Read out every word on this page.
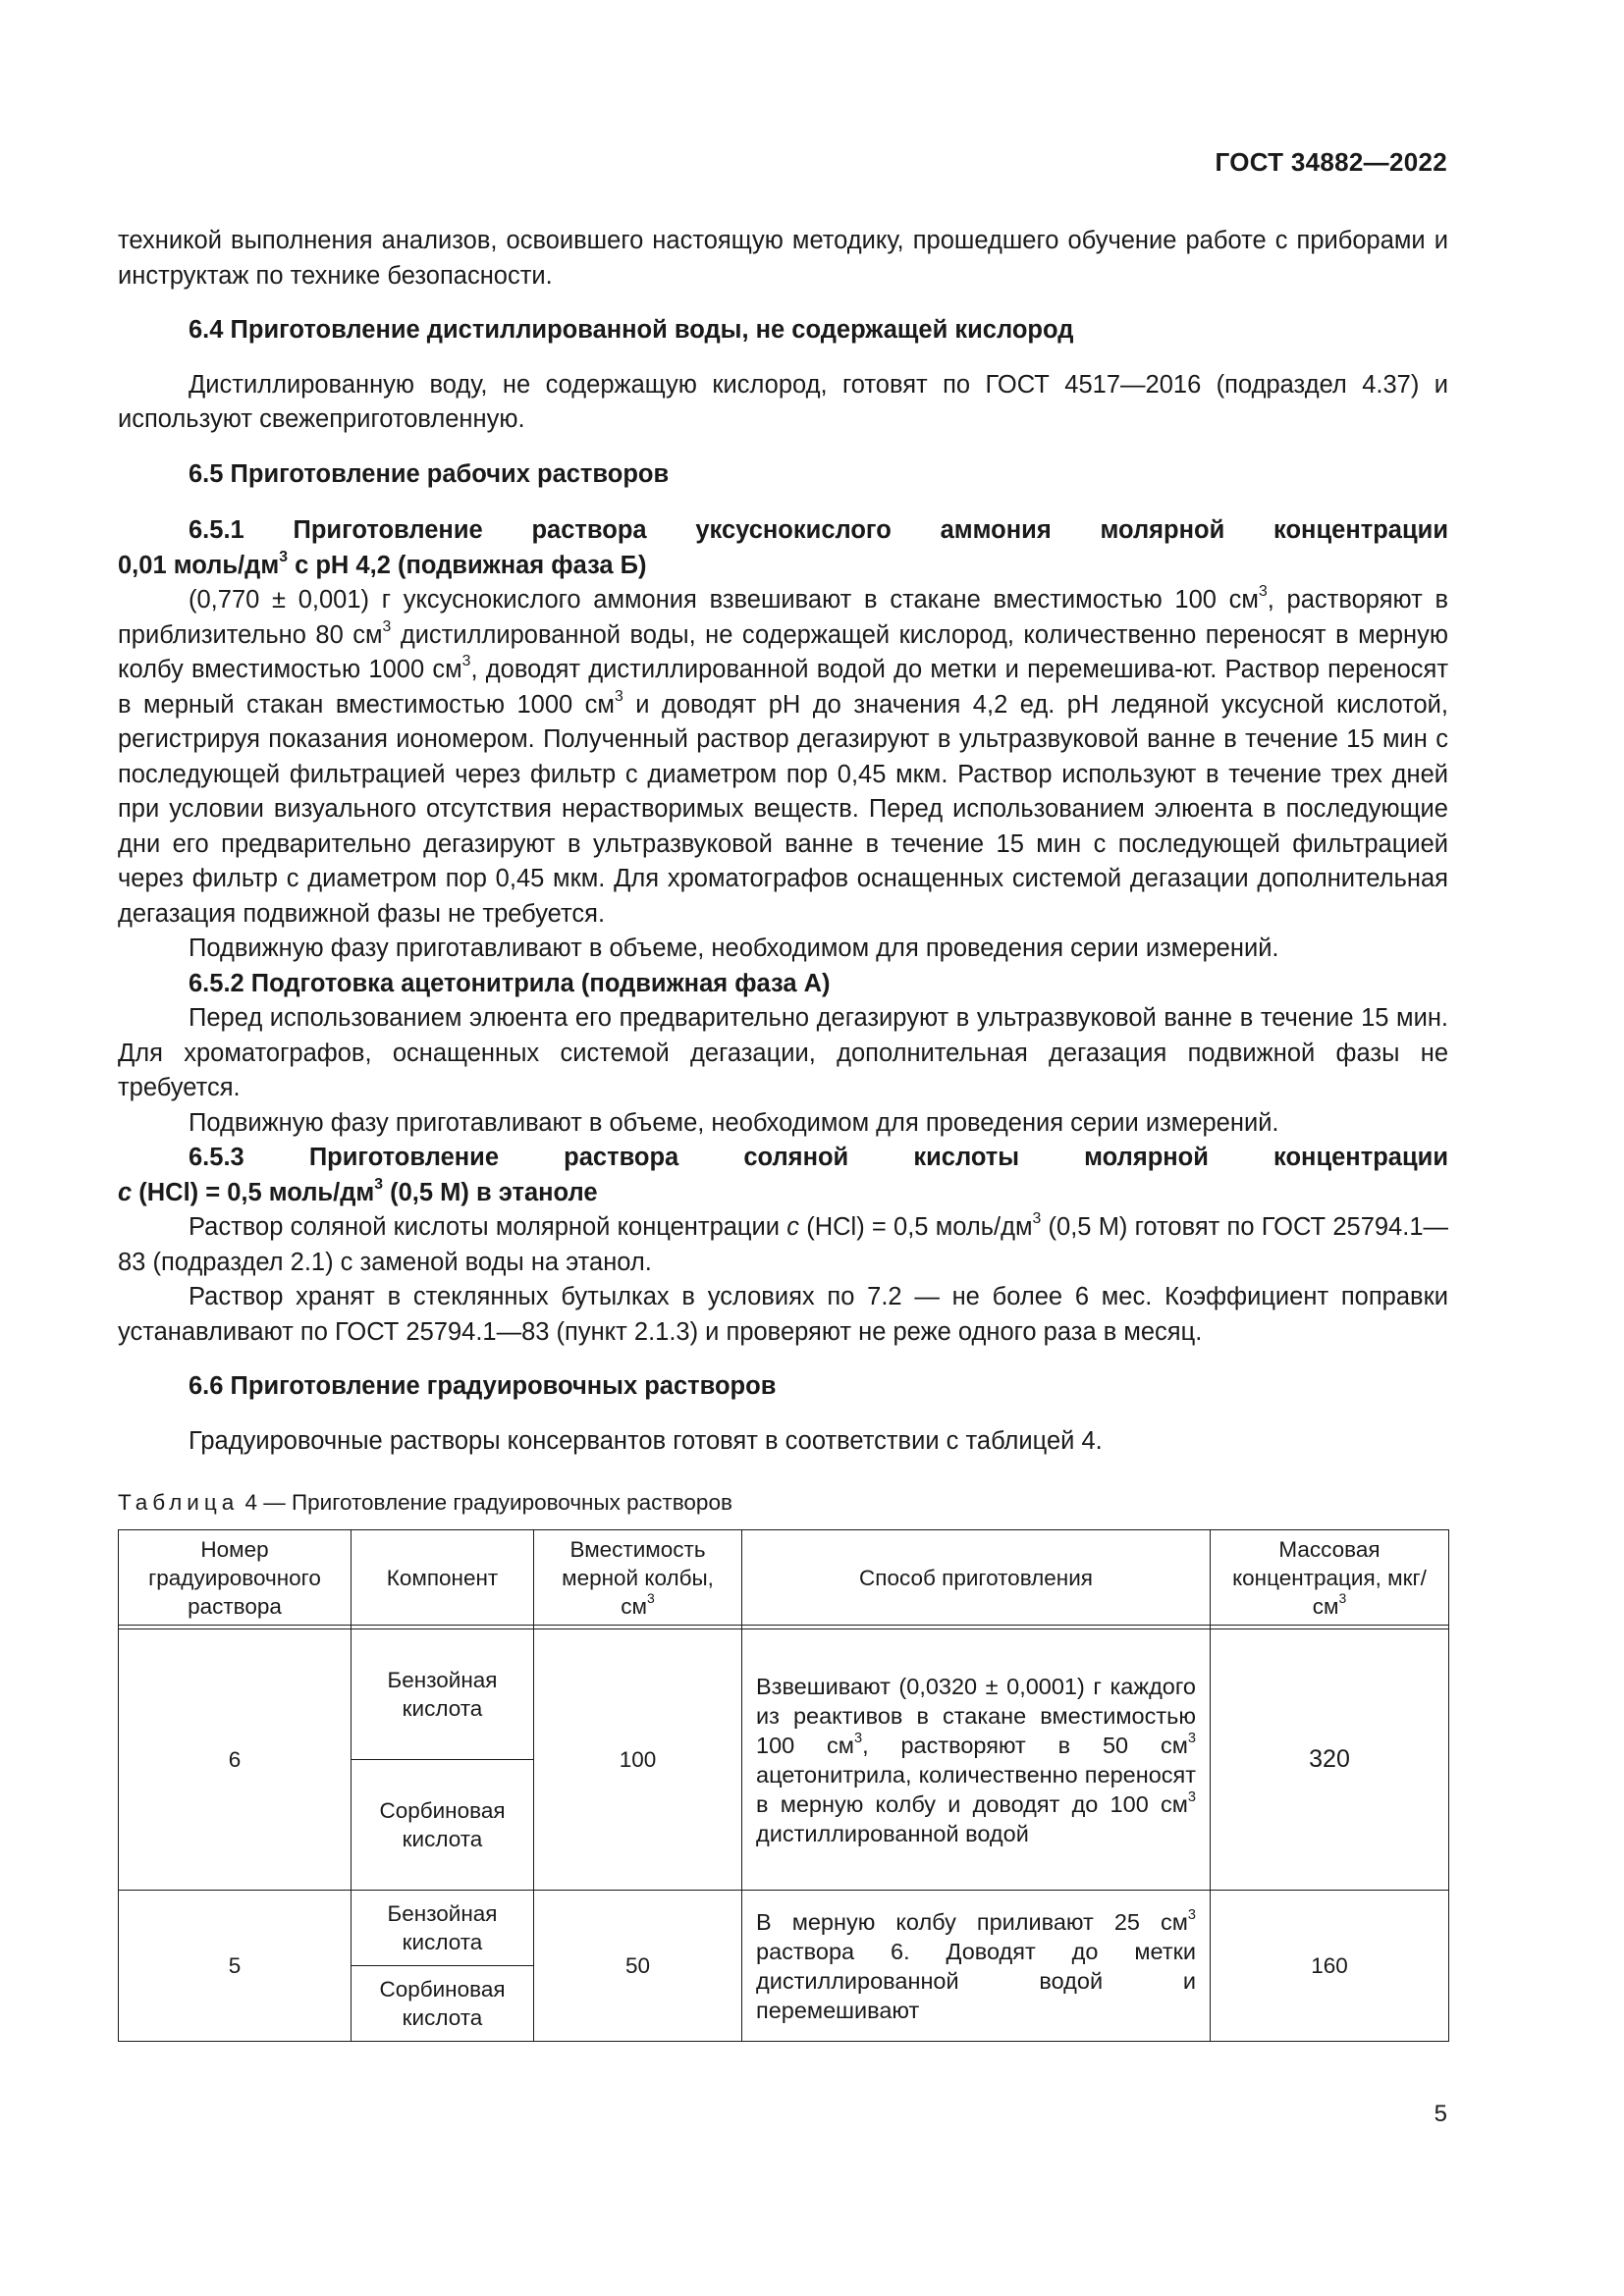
ГОСТ 34882—2022

техникой выполнения анализов, освоившего настоящую методику, прошедшего обучение работе с приборами и инструктаж по технике безопасности.

6.4 Приготовление дистиллированной воды, не содержащей кислород

Дистиллированную воду, не содержащую кислород, готовят по ГОСТ 4517—2016 (подраздел 4.37) и используют свежеприготовленную.

6.5 Приготовление рабочих растворов

6.5.1 Приготовление раствора уксуснокислого аммония молярной концентрации

0,01 моль/$дм^3$ с рН 4,2 (подвижная фаза Б)

(0,770 ± 0,001) г уксуснокислого аммония взвешивают в стакане вместимостью 100 $см^3$, растворяют в приблизительно 80 $см^3$ дистиллированной воды, не содержащей кислород, количественно переносят в мерную колбу вместимостью 1000 $см^3$, доводят дистиллированной водой до метки и перемешива-ют. Раствор переносят в мерный стакан вместимостью 1000 $см^3$ и доводят рН до значения 4,2 ед. рН ледяной уксусной кислотой, регистрируя показания иономером. Полученный раствор дегазируют в ультразвуковой ванне в течение 15 мин с последующей фильтрацией через фильтр с диаметром пор 0,45 мкм. Раствор используют в течение трех дней при условии визуального отсутствия нерастворимых веществ. Перед использованием элюента в последующие дни его предварительно дегазируют в ультразвуковой ванне в течение 15 мин с последующей фильтрацией через фильтр с диаметром пор 0,45 мкм. Для хроматографов оснащенных системой дегазации дополнительная дегазация подвижной фазы не требуется.

Подвижную фазу приготавливают в объеме, необходимом для проведения серии измерений.

6.5.2 Подготовка ацетонитрила (подвижная фаза А)

Перед использованием элюента его предварительно дегазируют в ультразвуковой ванне в течение 15 мин. Для хроматографов, оснащенных системой дегазации, дополнительная дегазация подвижной фазы не требуется.

Подвижную фазу приготавливают в объеме, необходимом для проведения серии измерений.

6.5.3 Приготовление раствора соляной кислоты молярной концентрации

с (HCl) = 0,5 моль/$дм^3$ (0,5 М) в этаноле

Раствор соляной кислоты молярной концентрации с (HCl) = 0,5 моль/$дм^3$ (0,5 М) готовят по ГОСТ 25794.1—83 (подраздел 2.1) с заменой воды на этанол.

Раствор хранят в стеклянных бутылках в условиях по 7.2 — не более 6 мес. Коэффициент поправки устанавливают по ГОСТ 25794.1—83 (пункт 2.1.3) и проверяют не реже одного раза в месяц.

6.6 Приготовление градуировочных растворов

Градуировочные растворы консервантов готовят в соответствии с таблицей 4.

Таблица 4 — Приготовление градуировочных растворов

Номер градуировочного раствора	Компонент	Вместимость мерной колбы, $см^3$	Способ приготовления	Массовая концентрация, мкг/$см^3$

6	Бензойная кислота	100	Взвешивают (0,0320 ± 0,0001) г каждого из реактивов в стакане вместимостью 100 $см^3$, растворяют в 50 $см^3$ ацетонитрила, количественно переносят в мерную колбу и доводят до 100 $см^3$ дистиллированной водой	320
	Сорбиновая кислота			
5	Бензойная кислота	50	В мерную колбу приливают 25 $см^3$ раствора 6. Доводят до метки дистиллированной водой и перемешивают	160
	Сорбиновая кислота			
5
